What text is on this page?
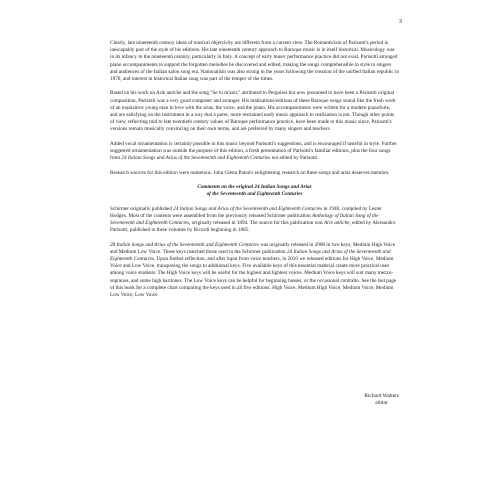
3

Clearly, late nineteenth century ideas of musical objectivity are different from a current view. The Romanticism of Parisotti's period is inescapably part of the style of his editions. His late nineteenth century approach to Baroque music is in itself historical. Musicology was in its infancy in the nineteenth century, particularly in Italy. A concept of early music performance practice did not exist. Parisotti arranged piano accompaniments to support the forgotten melodies he discovered and edited, making the songs comprehensible in style to singers and audiences of the Italian salon song era. Nationalism was also strong in the years following the creation of the unified Italian republic in 1870, and interest in historical Italian song was part of the temper of the times.

Based on his work on Arie antiche and the song "Se tu m'ami," attributed to Pergolesi but now presumed to have been a Parisotti original composition, Parisotti was a very good composer and arranger. His realizations/editions of these Baroque songs sound like the fresh work of an inquisitive young man in love with the arias, the voice, and the piano. His accompaniments were written for a modern pianoforte, and are satisfying on the instrument in a way that a purer, more restrained early music approach to realization is not. Though other points of view, reflecting mid to late twentieth century values of Baroque performance practice, have been made to this music since, Parisotti's versions remain musically convincing on their own terms, and are preferred by many singers and teachers.

Added vocal ornamentation is certainly possible in this music beyond Parisotti's suggestions, and is encouraged if tasteful in style. Further suggested ornamentation was outside the purpose of this edition, a fresh presentation of Parisotti's familiar editions, plus the four songs from 24 Italian Songs and Arias of the Seventeenth and Eighteenth Centuries not edited by Parisotti.

Research sources for this edition were numerous. John Glenn Paton's enlightening research on these songs and arias deserves mention.

Comments on the original 24 Italian Songs and Arias
of the Seventeenth and Eighteenth Centuries

Schirmer originally published 24 Italian Songs and Arias of the Seventeenth and Eighteenth Centuries in 1948, compiled by Lester Hodges. Most of the contents were assembled from the previously released Schirmer publication Anthology of Italian Song of the Seventeenth and Eighteenth Centuries, originally released in 1894. The source for this publication was Arie antiche, edited by Alessandro Parisotti, published in three volumes by Ricordi beginning in 1885.

28 Italian Songs and Arias of the Seventeenth and Eighteenth Centuries was originally released in 2008 in two keys, Medium High Voice and Medium Low Voice. These keys matched those used in the Schirmer publication 24 Italian Songs and Arias of the Seventeenth and Eighteenth Centuries. Upon further reflection, and after input from voice teachers, in 2010 we released editions for High Voice, Medium Voice and Low Voice, transposing the songs to additional keys. Five available keys of this essential material create more practical uses among voice students. The High Voice keys will be useful for the highest and lightest voices. Medium Voice keys will suit many mezzo-sopranos, and some high baritones. The Low Voice keys can be helpful for beginning basses, or the occasional contralto. See the last page of this book for a complete chart comparing the keys used in all five editions: High Voice, Medium High Voice, Medium Voice, Medium Low Voice, Low Voice.

Richard Walters
editor
